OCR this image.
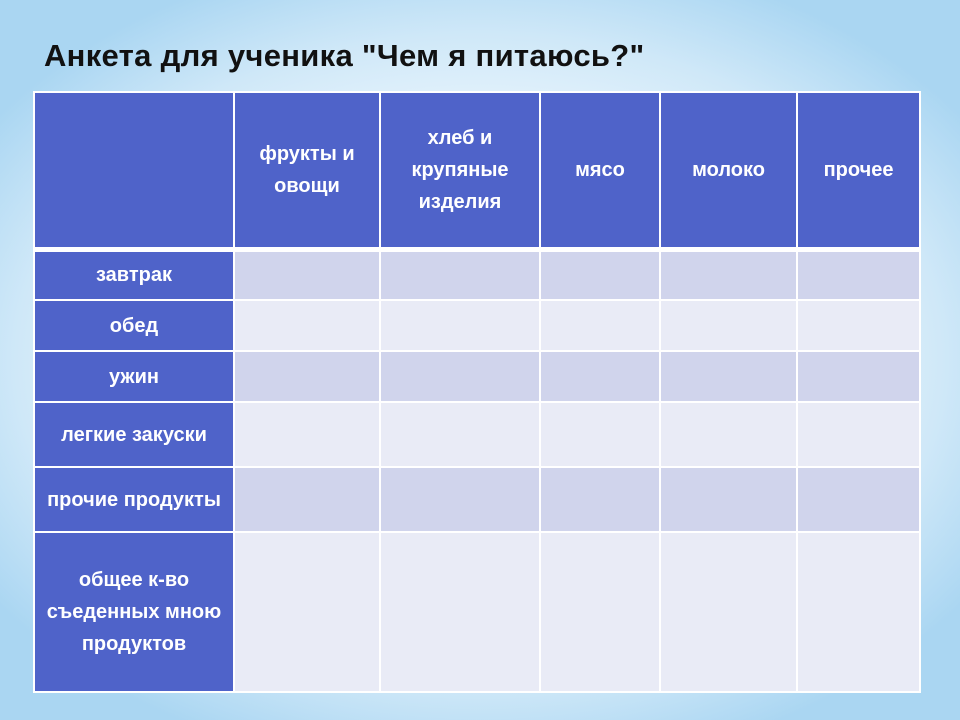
Анкета для ученика "Чем я питаюсь?"
	фрукты и овощи	хлеб и крупяные изделия	мясо	молоко	прочее
завтрак					
обед					
ужин					
легкие закуски					
прочие продукты					
общее к-во съеденных мною продуктов					
